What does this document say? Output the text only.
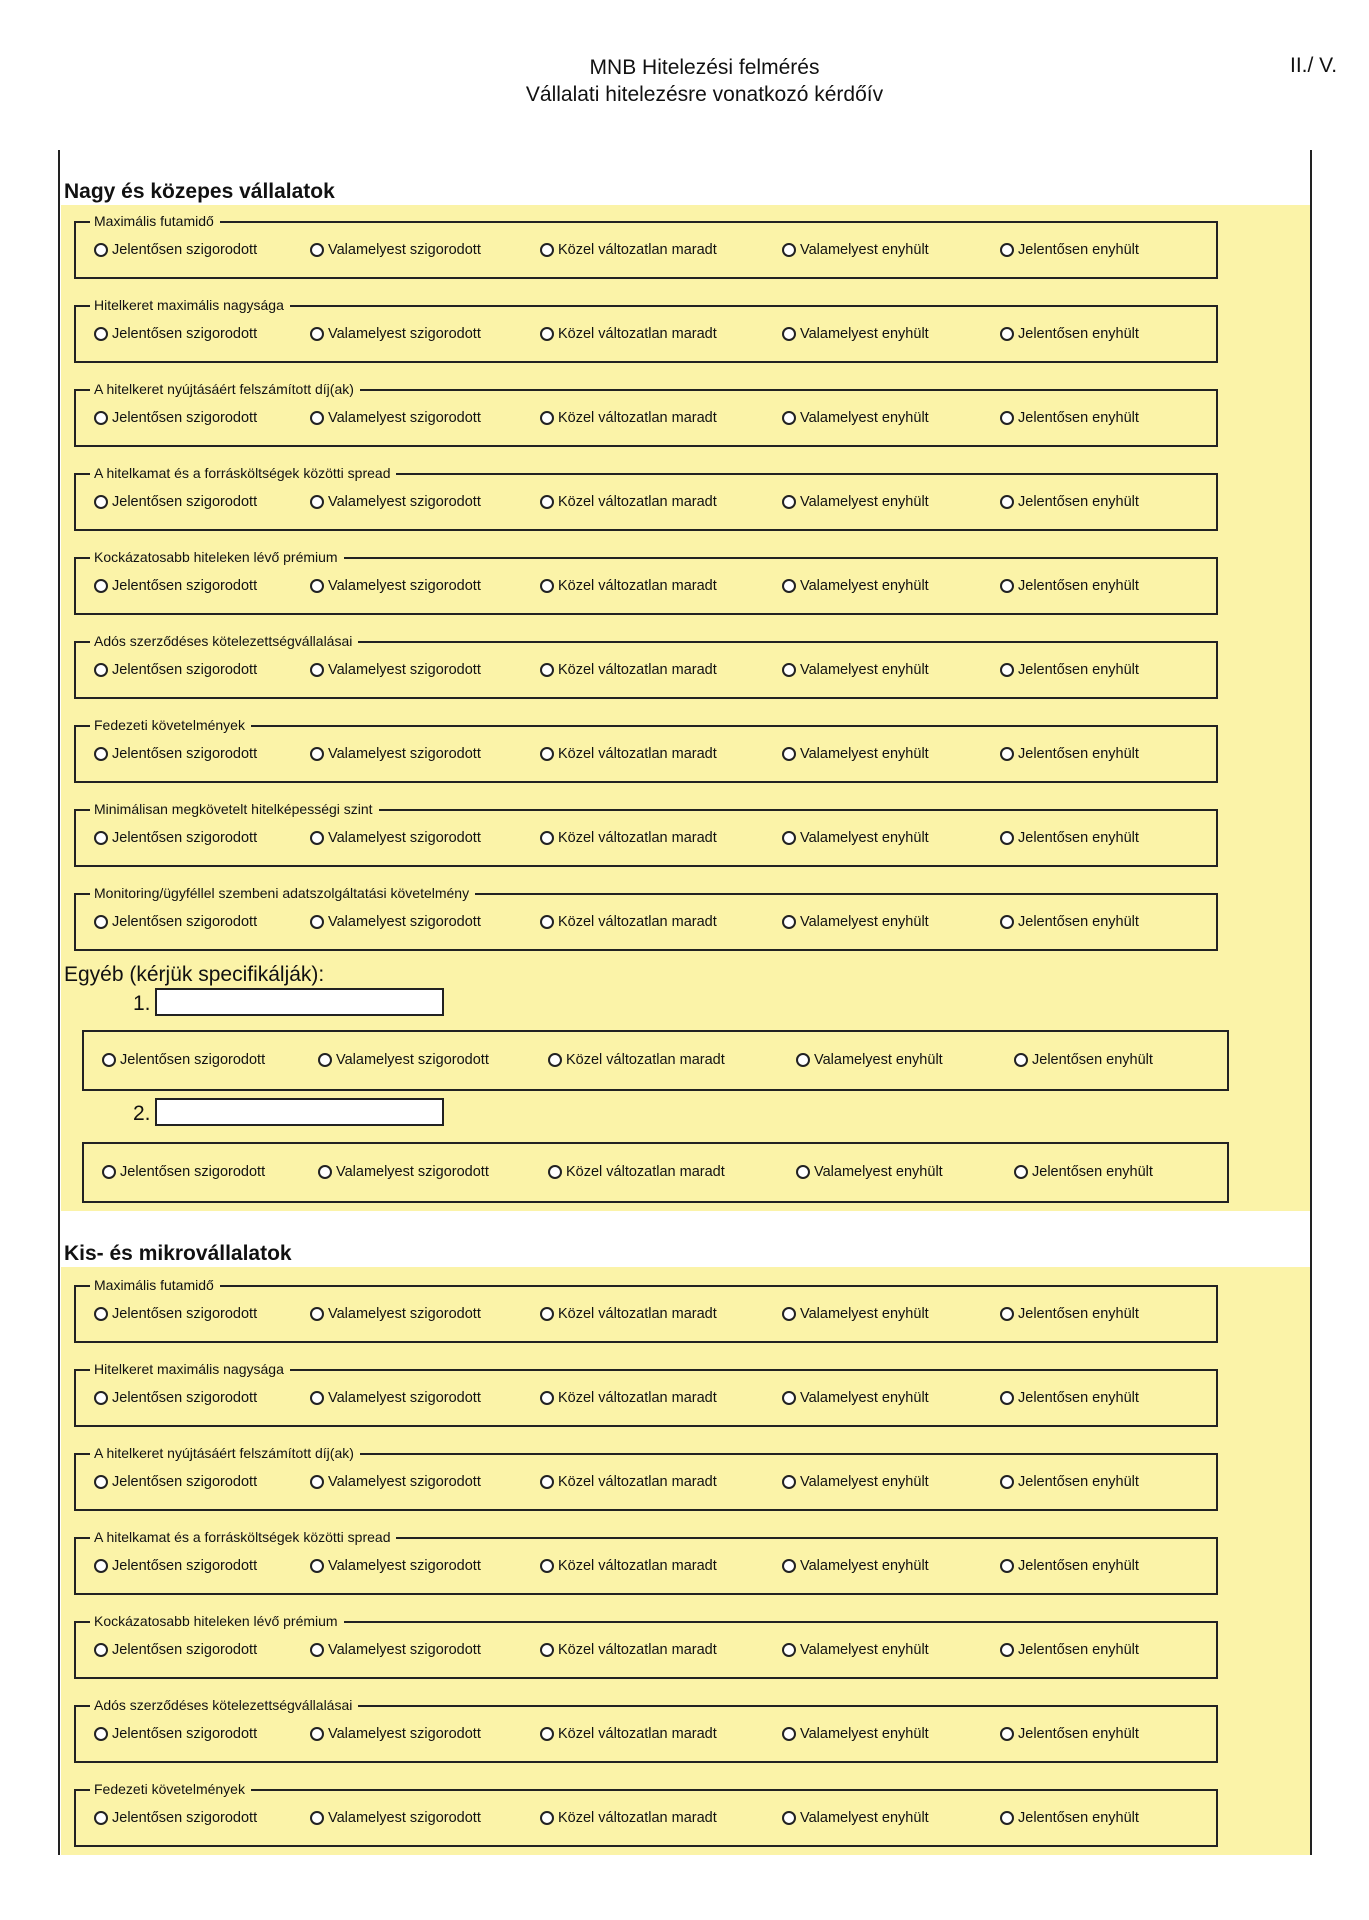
MNB Hitelezési felmérés
Vállalati hitelezésre vonatkozó kérdőív
II./ V.
Nagy és közepes vállalatok
Maximális futamidő
Jelentősen szigorodott	Valamelyest szigorodott	Közel változatlan maradt	Valamelyest enyhült	Jelentősen enyhült
Hitelkeret maximális nagysága
Jelentősen szigorodott	Valamelyest szigorodott	Közel változatlan maradt	Valamelyest enyhült	Jelentősen enyhült
A hitelkeret nyújtásáért felszámított díj(ak)
Jelentősen szigorodott	Valamelyest szigorodott	Közel változatlan maradt	Valamelyest enyhült	Jelentősen enyhült
A hitelkamat és a forrásköltségek közötti spread
Jelentősen szigorodott	Valamelyest szigorodott	Közel változatlan maradt	Valamelyest enyhült	Jelentősen enyhült
Kockázatosabb hiteleken lévő prémium
Jelentősen szigorodott	Valamelyest szigorodott	Közel változatlan maradt	Valamelyest enyhült	Jelentősen enyhült
Adós szerződéses kötelezettségvállalásai
Jelentősen szigorodott	Valamelyest szigorodott	Közel változatlan maradt	Valamelyest enyhült	Jelentősen enyhült
Fedezeti követelmények
Jelentősen szigorodott	Valamelyest szigorodott	Közel változatlan maradt	Valamelyest enyhült	Jelentősen enyhült
Minimálisan megkövetelt hitelképességi szint
Jelentősen szigorodott	Valamelyest szigorodott	Közel változatlan maradt	Valamelyest enyhült	Jelentősen enyhült
Monitoring/ügyféllel szembeni adatszolgáltatási követelmény
Jelentősen szigorodott	Valamelyest szigorodott	Közel változatlan maradt	Valamelyest enyhült	Jelentősen enyhült
Egyéb (kérjük specifikálják):
1.
Jelentősen szigorodott	Valamelyest szigorodott	Közel változatlan maradt	Valamelyest enyhült	Jelentősen enyhült
2.
Jelentősen szigorodott	Valamelyest szigorodott	Közel változatlan maradt	Valamelyest enyhült	Jelentősen enyhült
Kis- és mikrovállalatok
Maximális futamidő
Jelentősen szigorodott	Valamelyest szigorodott	Közel változatlan maradt	Valamelyest enyhült	Jelentősen enyhült
Hitelkeret maximális nagysága
Jelentősen szigorodott	Valamelyest szigorodott	Közel változatlan maradt	Valamelyest enyhült	Jelentősen enyhült
A hitelkeret nyújtásáért felszámított díj(ak)
Jelentősen szigorodott	Valamelyest szigorodott	Közel változatlan maradt	Valamelyest enyhült	Jelentősen enyhült
A hitelkamat és a forrásköltségek közötti spread
Jelentősen szigorodott	Valamelyest szigorodott	Közel változatlan maradt	Valamelyest enyhült	Jelentősen enyhült
Kockázatosabb hiteleken lévő prémium
Jelentősen szigorodott	Valamelyest szigorodott	Közel változatlan maradt	Valamelyest enyhült	Jelentősen enyhült
Adós szerződéses kötelezettségvállalásai
Jelentősen szigorodott	Valamelyest szigorodott	Közel változatlan maradt	Valamelyest enyhült	Jelentősen enyhült
Fedezeti követelmények
Jelentősen szigorodott	Valamelyest szigorodott	Közel változatlan maradt	Valamelyest enyhült	Jelentősen enyhült
